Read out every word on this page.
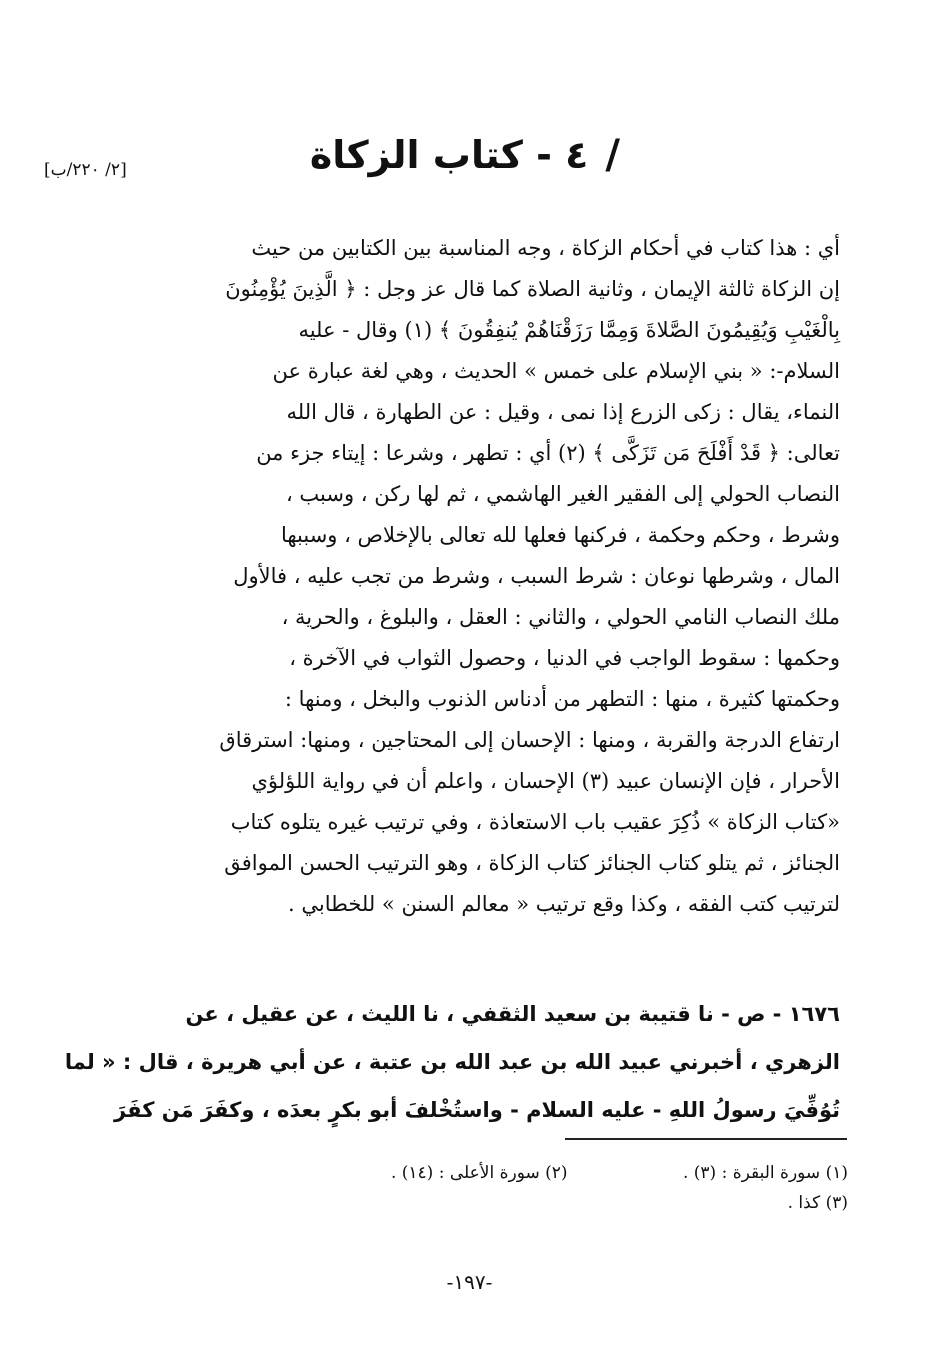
[٢/ ٢٢٠/ب]	/ ٤ - كتاب الزكاة
أي : هذا كتاب في أحكام الزكاة ، وجه المناسبة بين الكتابين من حيث
إن الزكاة ثالثة الإيمان ، وثانية الصلاة كما قال عز وجل : ﴿ الَّذِينَ يُؤْمِنُونَ
بِالْغَيْبِ وَيُقِيمُونَ الصَّلاةَ وَمِمَّا رَزَقْنَاهُمْ يُنفِقُونَ ﴾ (١) وقال - عليه
السلام-: « بني الإسلام على خمس » الحديث ، وهي لغة عبارة عن
النماء، يقال : زكى الزرع إذا نمى ، وقيل : عن الطهارة ، قال الله
تعالى: ﴿ قَدْ أَفْلَحَ مَن تَزَكَّى ﴾ (٢) أي : تطهر ، وشرعا : إيتاء جزء من
النصاب الحولي إلى الفقير الغير الهاشمي ، ثم لها ركن ، وسبب ،
وشرط ، وحكم وحكمة ، فركنها فعلها لله تعالى بالإخلاص ، وسببها
المال ، وشرطها نوعان : شرط السبب ، وشرط من تجب عليه ، فالأول
ملك النصاب النامي الحولي ، والثاني : العقل ، والبلوغ ، والحرية ،
وحكمها : سقوط الواجب في الدنيا ، وحصول الثواب في الآخرة ،
وحكمتها كثيرة ، منها : التطهر من أدناس الذنوب والبخل ، ومنها :
ارتفاع الدرجة والقربة ، ومنها : الإحسان إلى المحتاجين ، ومنها: استرقاق
الأحرار ، فإن الإنسان عبيد (٣) الإحسان ، واعلم أن في رواية اللؤلؤي
«كتاب الزكاة » ذُكِرَ عقيب باب الاستعاذة ، وفي ترتيب غيره يتلوه كتاب
الجنائز ، ثم يتلو كتاب الجنائز كتاب الزكاة ، وهو الترتيب الحسن الموافق
لترتيب كتب الفقه ، وكذا وقع ترتيب « معالم السنن » للخطابي .
١٦٧٦ - ص - نا قتيبة بن سعيد الثقفي ، نا الليث ، عن عقيل ، عن
الزهري ، أخبرني عبيد الله بن عبد الله بن عتبة ، عن أبي هريرة ، قال : « لما
تُوُفِّيَ رسولُ اللهِ - عليه السلام - واستُخْلفَ أبو بكرٍ بعدَه ، وكفَرَ مَن كفَرَ
(١) سورة البقرة : (٣) . (٢) سورة الأعلى : (١٤) .
(٣) كذا .
-١٩٧-
